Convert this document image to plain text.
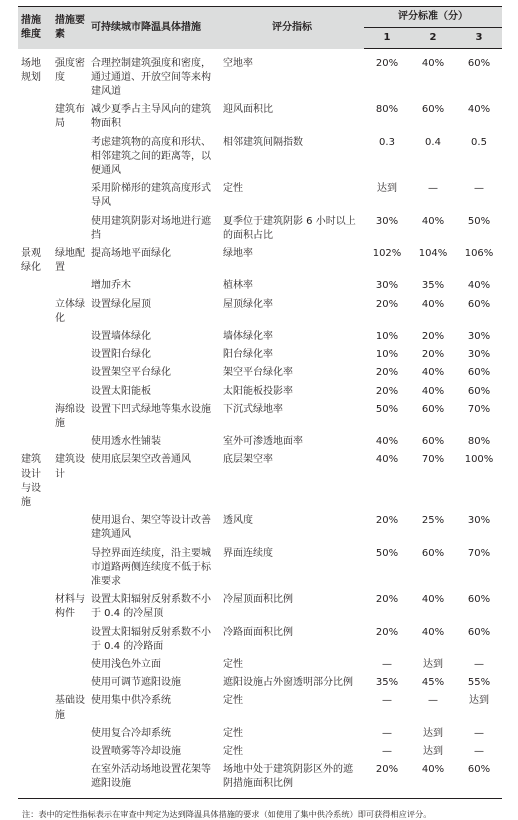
措施维度	措施要素	可持续城市降温具体措施	评分指标	评分标准（分）		
				1	2	3
场地规划	强度密度	合理控制建筑强度和密度，通过通道、开放空间等来构建风道	空地率	20%	40%	60%
	建筑布局	减少夏季占主导风向的建筑物面积	迎风面积比	80%	60%	40%
		考虑建筑物的高度和形状、相邻建筑之间的距离等，以便通风	相邻建筑间隔指数	0.3	0.4	0.5
		采用阶梯形的建筑高度形式导风	定性	达到	—	—
		使用建筑阴影对场地进行遮挡	夏季位于建筑阴影 6 小时以上的面积占比	30%	40%	50%
景观绿化	绿地配置	提高场地平面绿化	绿地率	102%	104%	106%
		增加乔木	植林率	30%	35%	40%
	立体绿化	设置绿化屋顶	屋顶绿化率	20%	40%	60%
		设置墙体绿化	墙体绿化率	10%	20%	30%
		设置阳台绿化	阳台绿化率	10%	20%	30%
		设置架空平台绿化	架空平台绿化率	20%	40%	60%
		设置太阳能板	太阳能板投影率	20%	40%	60%
	海绵设施	设置下凹式绿地等集水设施	下沉式绿地率	50%	60%	70%
		使用透水性铺装	室外可渗透地面率	40%	60%	80%
建筑设计与设施	建筑设计	使用底层架空改善通风	底层架空率	40%	70%	100%
		使用退台、架空等设计改善建筑通风	透风度	20%	25%	30%
		导控界面连续度，沿主要城市道路两侧连续度不低于标准要求	界面连续度	50%	60%	70%
	材料与构件	设置太阳辐射反射系数不小于 0.4 的冷屋顶	冷屋顶面积比例	20%	40%	60%
		设置太阳辐射反射系数不小于 0.4 的冷路面	冷路面面积比例	20%	40%	60%
		使用浅色外立面	定性	—	达到	—
		使用可调节遮阳设施	遮阳设施占外窗透明部分比例	35%	45%	55%
	基础设施	使用集中供冷系统	定性	—	—	达到
		使用复合冷却系统	定性	—	达到	—
		设置喷雾等冷却设施	定性	—	达到	—
		在室外活动场地设置花架等遮阳设施	场地中处于建筑阴影区外的遮阴措施面积比例	20%	40%	60%
注：表中的定性指标表示在审查中判定为达到降温具体措施的要求（如使用了集中供冷系统）即可获得相应评分。
